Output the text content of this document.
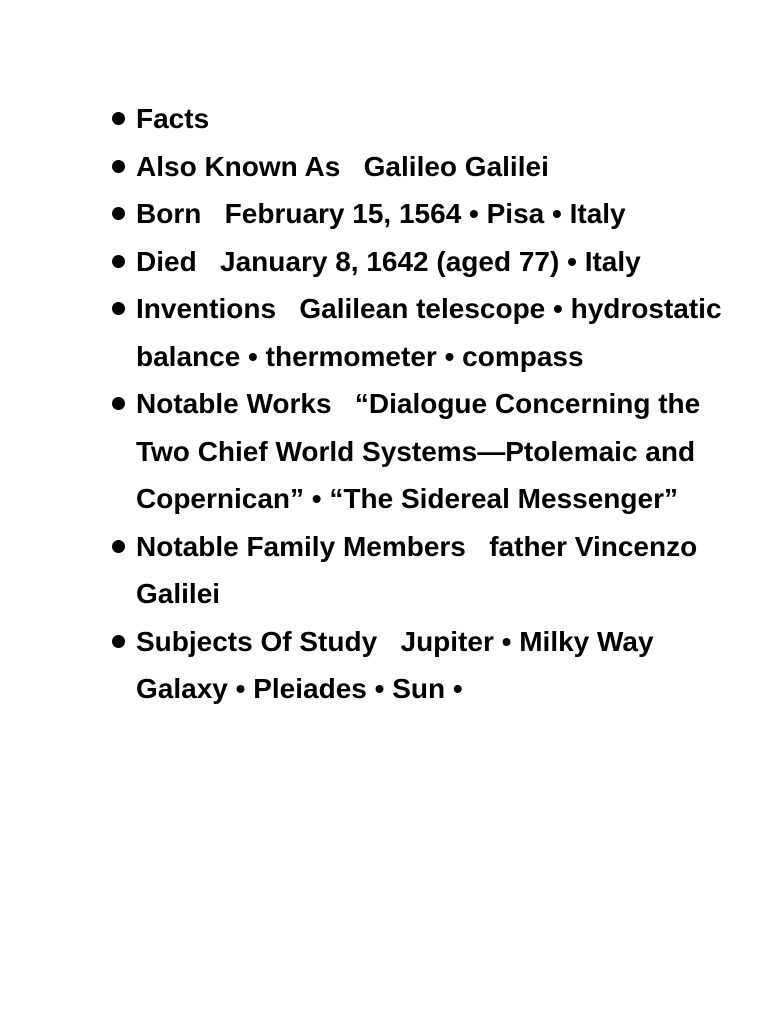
Facts
Also Known As Galileo Galilei
Born February 15, 1564 • Pisa • Italy
Died January 8, 1642 (aged 77) • Italy
Inventions Galilean telescope • hydrostatic balance • thermometer • compass
Notable Works “Dialogue Concerning the Two Chief World Systems—Ptolemaic and Copernican” • “The Sidereal Messenger”
Notable Family Members father Vincenzo Galilei
Subjects Of Study Jupiter • Milky Way Galaxy • Pleiades • Sun •
